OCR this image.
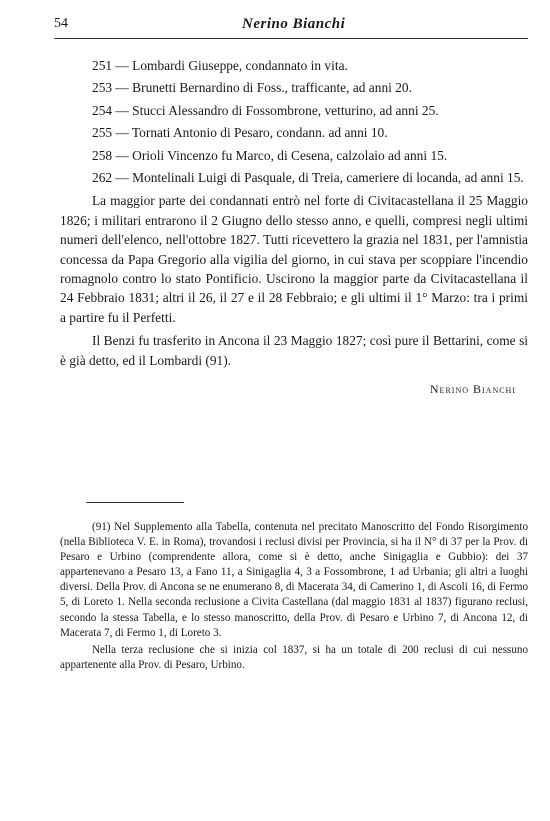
54	Nerino Bianchi

251 — Lombardi Giuseppe, condannato in vita.

253 — Brunetti Bernardino di Foss., trafficante, ad anni 20.

254 — Stucci Alessandro di Fossombrone, vetturino, ad anni 25.

255 — Tornati Antonio di Pesaro, condann. ad anni 10.

258 — Orioli Vincenzo fu Marco, di Cesena, calzolaio ad anni 15.

262 — Montelinali Luigi di Pasquale, di Treia, cameriere di locanda, ad anni 15.

La maggior parte dei condannati entrò nel forte di Civitacastellana il 25 Maggio 1826; i militari entrarono il 2 Giugno dello stesso anno, e quelli, compresi negli ultimi numeri dell'elenco, nell'ottobre 1827. Tutti ricevettero la grazia nel 1831, per l'amnistia concessa da Papa Gregorio alla vigilia del giorno, in cui stava per scoppiare l'incendio romagnolo contro lo stato Pontificio. Uscirono la maggior parte da Civitacastellana il 24 Febbraio 1831; altri il 26, il 27 e il 28 Febbraio; e gli ultimi il 1° Marzo: tra i primi a partire fu il Perfetti.

Il Benzi fu trasferito in Ancona il 23 Maggio 1827; così pure il Bettarini, come si è già detto, ed il Lombardi (91).

Nerino Bianchi

(91) Nel Supplemento alla Tabella, contenuta nel precitato Manoscritto del Fondo Risorgimento (nella Biblioteca V. E. in Roma), trovandosi i reclusi divisi per Provincia, si ha il N° di 37 per la Prov. di Pesaro e Urbino (comprendente allora, come si è detto, anche Sinigaglia e Gubbio): dei 37 appartenevano a Pesaro 13, a Fano 11, a Sinigaglia 4, 3 a Fossombrone, 1 ad Urbania; gli altri a luoghi diversi. Della Prov. di Ancona se ne enumerano 8, di Macerata 34, di Camerino 1, di Ascoli 16, di Fermo 5, di Loreto 1. Nella seconda reclusione a Civita Castellana (dal maggio 1831 al 1837) figurano reclusi, secondo la stessa Tabella, e lo stesso manoscritto, della Prov. di Pesaro e Urbino 7, di Ancona 12, di Macerata 7, di Fermo 1, di Loreto 3.

Nella terza reclusione che si inizia col 1837, si ha un totale di 200 reclusi di cui nessuno appartenente alla Prov. di Pesaro, Urbino.
